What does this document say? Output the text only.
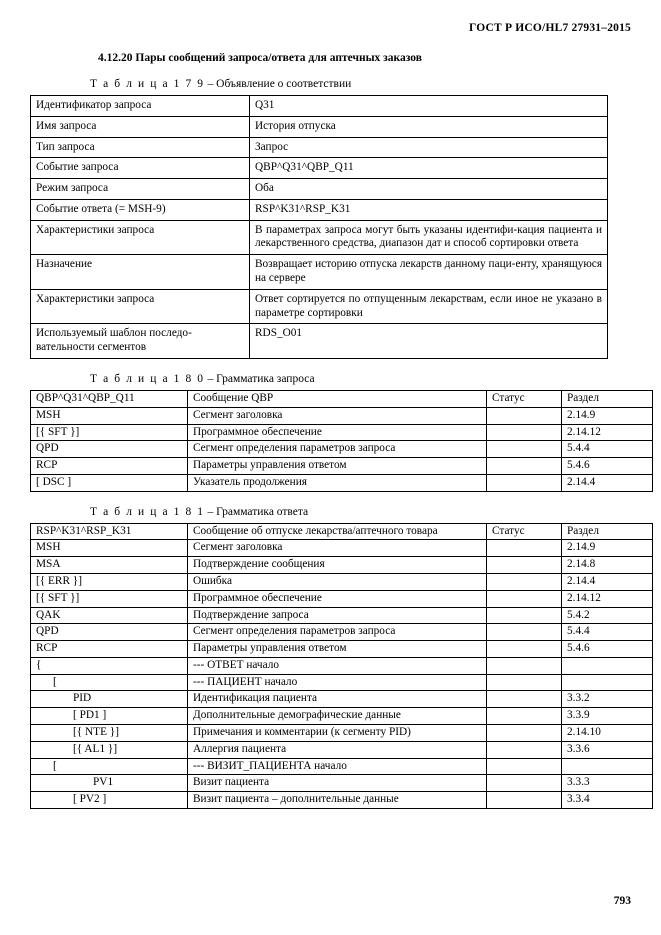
ГОСТ Р ИСО/HL7 27931–2015
4.12.20 Пары сообщений запроса/ответа для аптечных заказов
Т а б л и ц а 1 7 9 – Объявление о соответствии
Идентификатор запроса	Q31
Имя запроса	История отпуска
Тип запроса	Запрос
Событие запроса	QBP^Q31^QBP_Q11
Режим запроса	Оба
Событие ответа (= MSH-9)	RSP^K31^RSP_K31
Характеристики запроса	В параметрах запроса могут быть указаны идентифи-кация пациента и лекарственного средства, диапазон дат и способ сортировки ответа
Назначение	Возвращает историю отпуска лекарств данному паци-енту, хранящуюся на сервере
Характеристики запроса	Ответ сортируется по отпущенным лекарствам, если иное не указано в параметре сортировки
Используемый шаблон последо-вательности сегментов	RDS_O01
Т а б л и ц а 1 8 0 – Грамматика запроса
QBP^Q31^QBP_Q11	Сообщение QBP	Статус	Раздел
MSH	Сегмент заголовка		2.14.9
[{ SFT }]	Программное обеспечение		2.14.12
QPD	Сегмент определения параметров запроса		5.4.4
RCP	Параметры управления ответом		5.4.6
[ DSC ]	Указатель продолжения		2.14.4
Т а б л и ц а 1 8 1 – Грамматика ответа
RSP^K31^RSP_K31	Сообщение об отпуске лекарства/аптечного товара	Статус	Раздел
MSH	Сегмент заголовка		2.14.9
MSA	Подтверждение сообщения		2.14.8
[{ ERR }]	Ошибка		2.14.4
[{ SFT }]	Программное обеспечение		2.14.12
QAK	Подтверждение запроса		5.4.2
QPD	Сегмент определения параметров запроса		5.4.4
RCP	Параметры управления ответом		5.4.6
{	--- ОТВЕТ начало		
[	--- ПАЦИЕНТ начало		
PID	Идентификация пациента		3.3.2
[ PD1 ]	Дополнительные демографические данные		3.3.9
[{ NTE }]	Примечания и комментарии (к сегменту PID)		2.14.10
[{ AL1 }]	Аллергия пациента		3.3.6
[	--- ВИЗИТ_ПАЦИЕНТА начало		
PV1	Визит пациента		3.3.3
[ PV2 ]	Визит пациента – дополнительные данные		3.3.4
793
